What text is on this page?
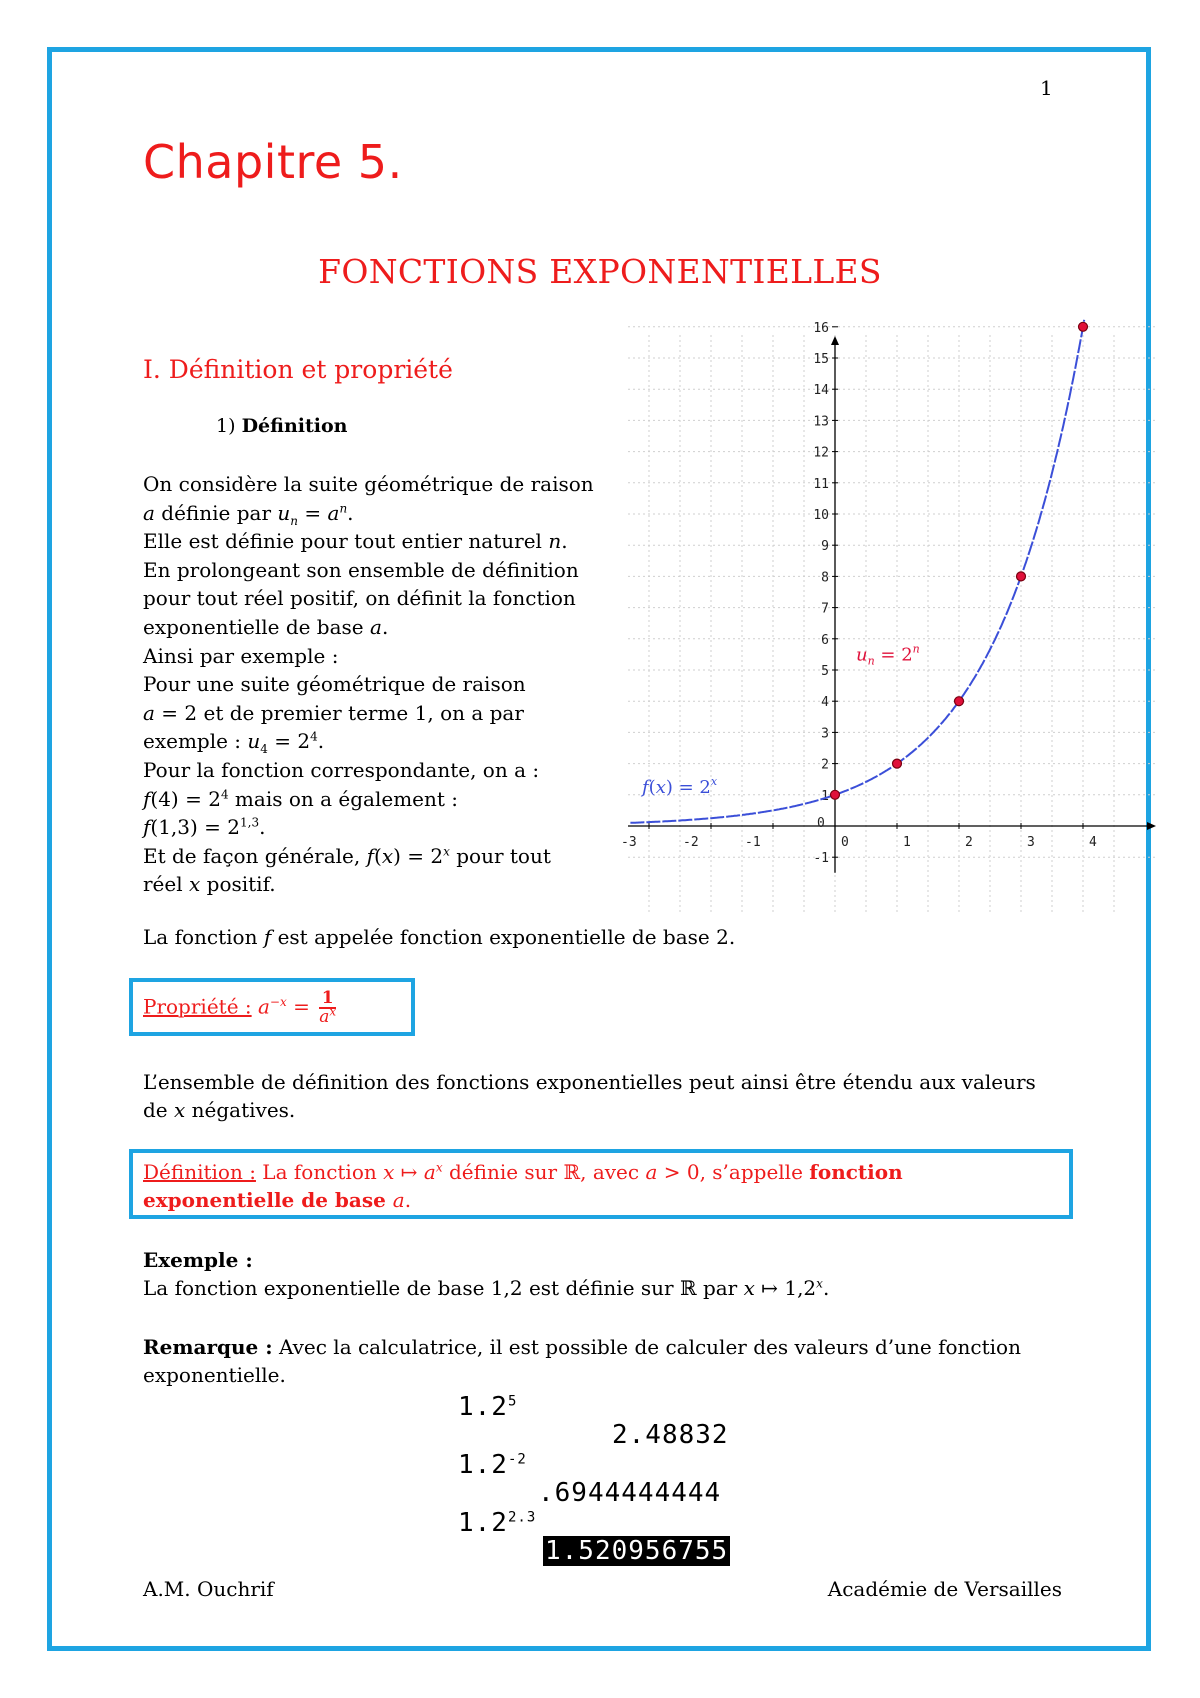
1
Chapitre 5.
FONCTIONS EXPONENTIELLES
I. Définition et propriété
1) Définition
On considère la suite géométrique de raison
a définie par $u_n = a^n$.
Elle est définie pour tout entier naturel n.
En prolongeant son ensemble de définition
pour tout réel positif, on définit la fonction
exponentielle de base a.
Ainsi par exemple :
Pour une suite géométrique de raison
a = 2 et de premier terme 1, on a par
exemple : $u_4 = 2^4$.
Pour la fonction correspondante, on a :
$f(4) = 2^4$ mais on a également :
$f(1,3) = 2^{1,3}$.
Et de façon générale, $f(x) = 2^x$ pour tout
réel x positif.
-3	-2	-1	0	1	2	3	4
-1
0
1
2
3
4
5
6
7
8
9
10
11
12
13
14
15
16
$f(x) = 2^x$
$u_n = 2^n$
La fonction f est appelée fonction exponentielle de base 2.
Propriété : $a^{-x} = \frac{1}{a^x}$
L’ensemble de définition des fonctions exponentielles peut ainsi être étendu aux valeurs
de x négatives.
Définition : La fonction x ↦ $a^x$ définie sur ℝ, avec a > 0, s’appelle fonction
exponentielle de base a.
Exemple :
La fonction exponentielle de base 1,2 est définie sur ℝ par x ↦ 1,2$^x$.
Remarque : Avec la calculatrice, il est possible de calculer des valeurs d’une fonction
exponentielle.
$1.2^5$
2.48832
$1.2^{-2}$
.6944444444
$1.2^{2.3}$
1.520956755
A.M. Ouchrif	Académie de Versailles
